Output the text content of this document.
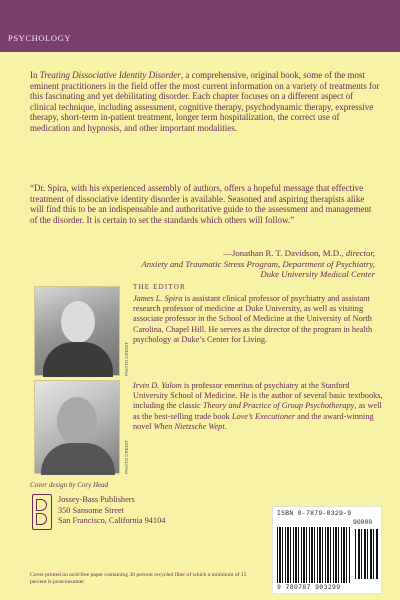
PSYCHOLOGY

In Treating Dissociative Identity Disorder, a comprehensive, original book, some of the most eminent practitioners in the field offer the most current information on a variety of treatments for this fascinating and yet debilitating disorder. Each chapter focuses on a different aspect of clinical technique, including assessment, cognitive therapy, psychodynamic therapy, expressive therapy, short-term in-patient treatment, longer term hospitalization, the correct use of medication and hypnosis, and other important modalities.

“Dr. Spira, with his experienced assembly of authors, offers a hopeful message that effective treatment of dissociative identity disorder is available. Seasoned and aspiring therapists alike will find this to be an indispensable and authoritative guide to the assessment and management of the disorder. It is certain to set the standards which others will follow.”

—Jonathan R. T. Davidson, M.D., director,
Anxiety and Traumatic Stress Program, Department of Psychiatry,
Duke University Medical Center
PHOTO CREDIT
PHOTO CREDIT
THE EDITOR

James L. Spira is assistant clinical professor of psychiatry and assistant research professor of medicine at Duke University, as well as visiting associate professor in the School of Medicine at the University of North Carolina, Chapel Hill. He serves as the director of the program in health psychology at Duke’s Center for Living.

Irvin D. Yalom is professor emeritus of psychiatry at the Stanford University School of Medicine. He is the author of several basic textbooks, including the classic Theory and Practice of Group Psychotherapy, as well as the best-selling trade book Love’s Executioner and the award-winning novel When Nietzsche Wept.

Cover design by Cory Head
Jossey-Bass Publishers
350 Sansome Street
San Francisco, California 94104

Cover printed on acid-free paper containing 30 percent recycled fiber of which a minimum of 15 percent is postconsumer

ISBN 0-7879-0329-9
90000
9 780787 903299
